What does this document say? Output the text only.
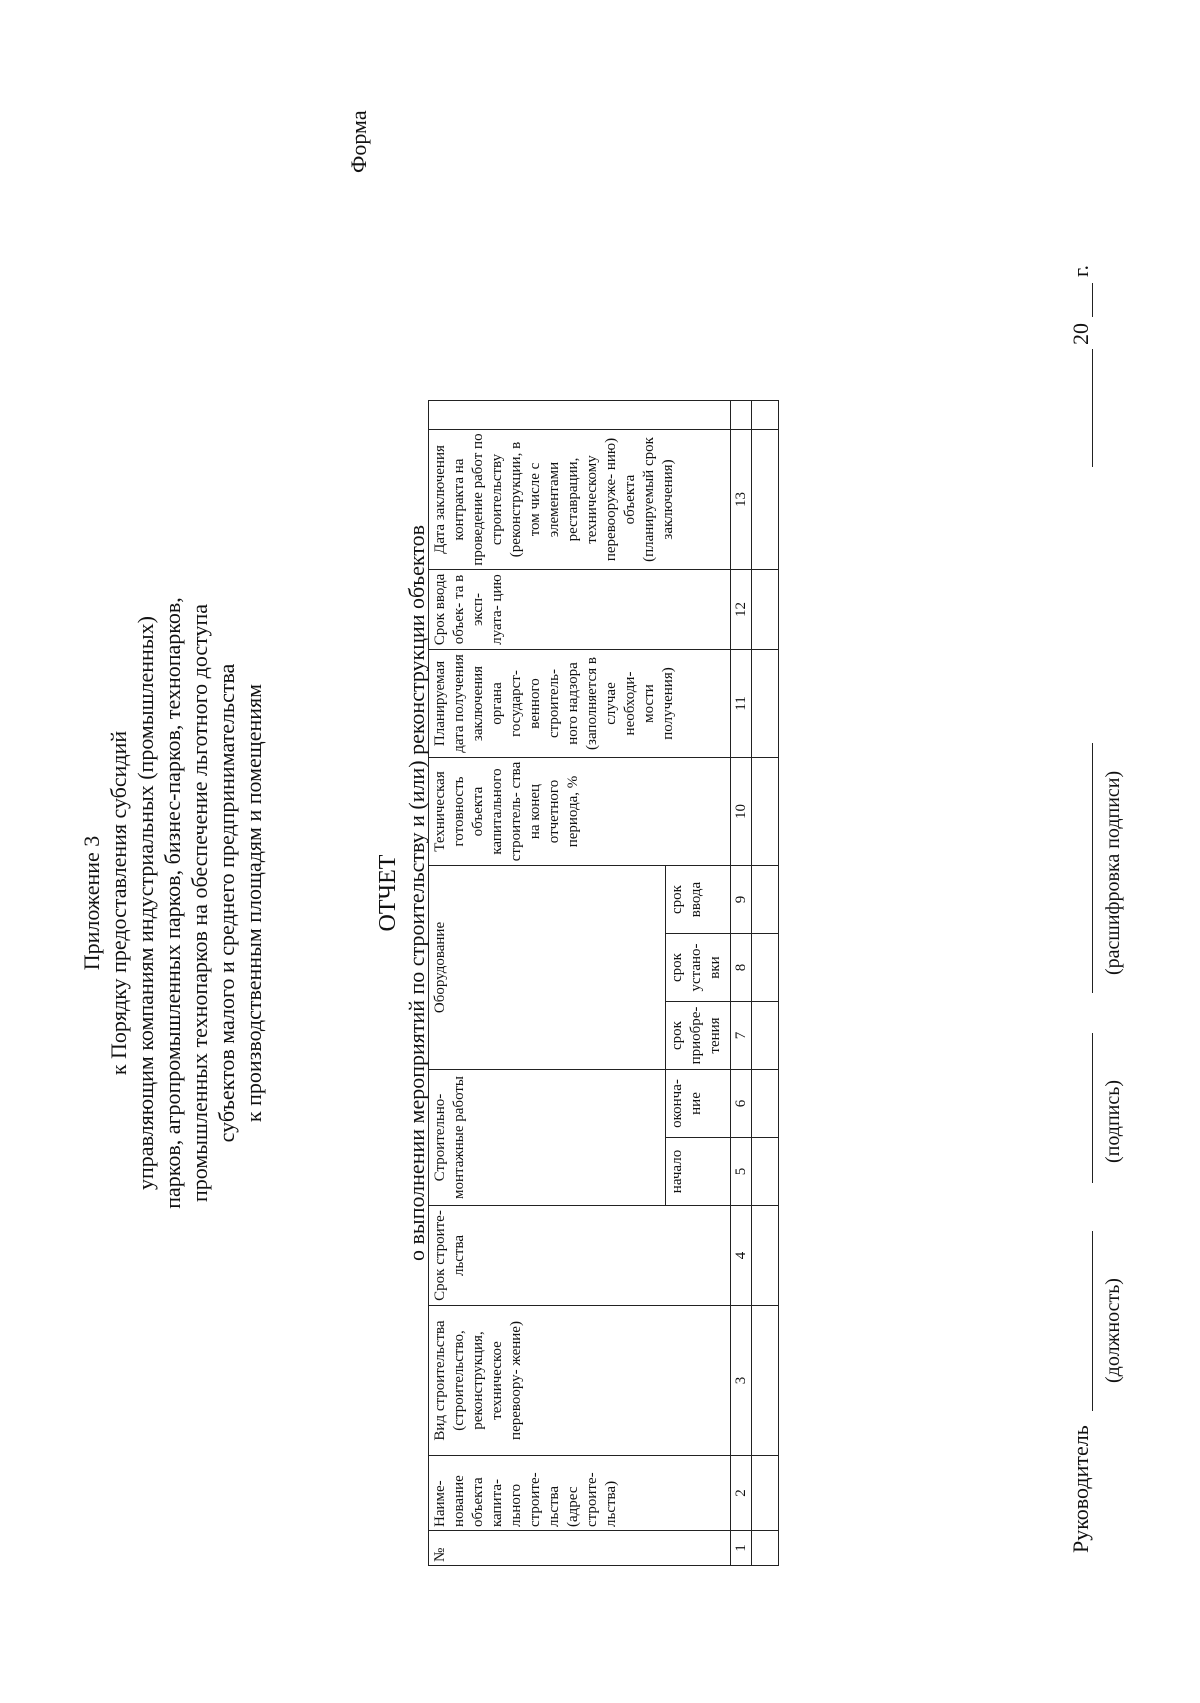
Приложение 3 к Порядку предоставления субсидий управляющим компаниям индустриальных (промышленных) парков, агропромышленных парков, бизнес-парков, технопарков, промышленных технопарков на обеспечение льготного доступа субъектов малого и среднего предпринимательства к производственным площадям и помещениям
Форма
ОТЧЕТ о выполнении мероприятий по строительству и (или) реконструкции объектов
№	Наиме- нование объекта капита- льного строите- льства (адрес строите- льства)	Вид строительства (строительство, реконструкция, техническое перевоору- жение)	Срок строите- льства	Строительно- монтажные работы		Оборудование			Техническая готовность объекта капитального строитель- ства на конец отчетного периода, %	Планируемая дата получения заключения органа государст- венного строитель- ного надзора (заполняется в случае необходи- мости получения)	Срок ввода объек- та в эксп- луата- цию	Дата заключения контракта на проведение работ по строительству (реконструкции, в том числе с элементами реставрации, техническому перевооруже- нию) объекта (планируемый срок заключения)	
				начало	оконча- ние	срок приобре- тения	срок устано- вки	срок ввода					
1	2	3	4	5	6	7	8	9	10	11	12	13	

Руководитель
(должность)
(подпись)
(расшифровка подписи)
20
г.
